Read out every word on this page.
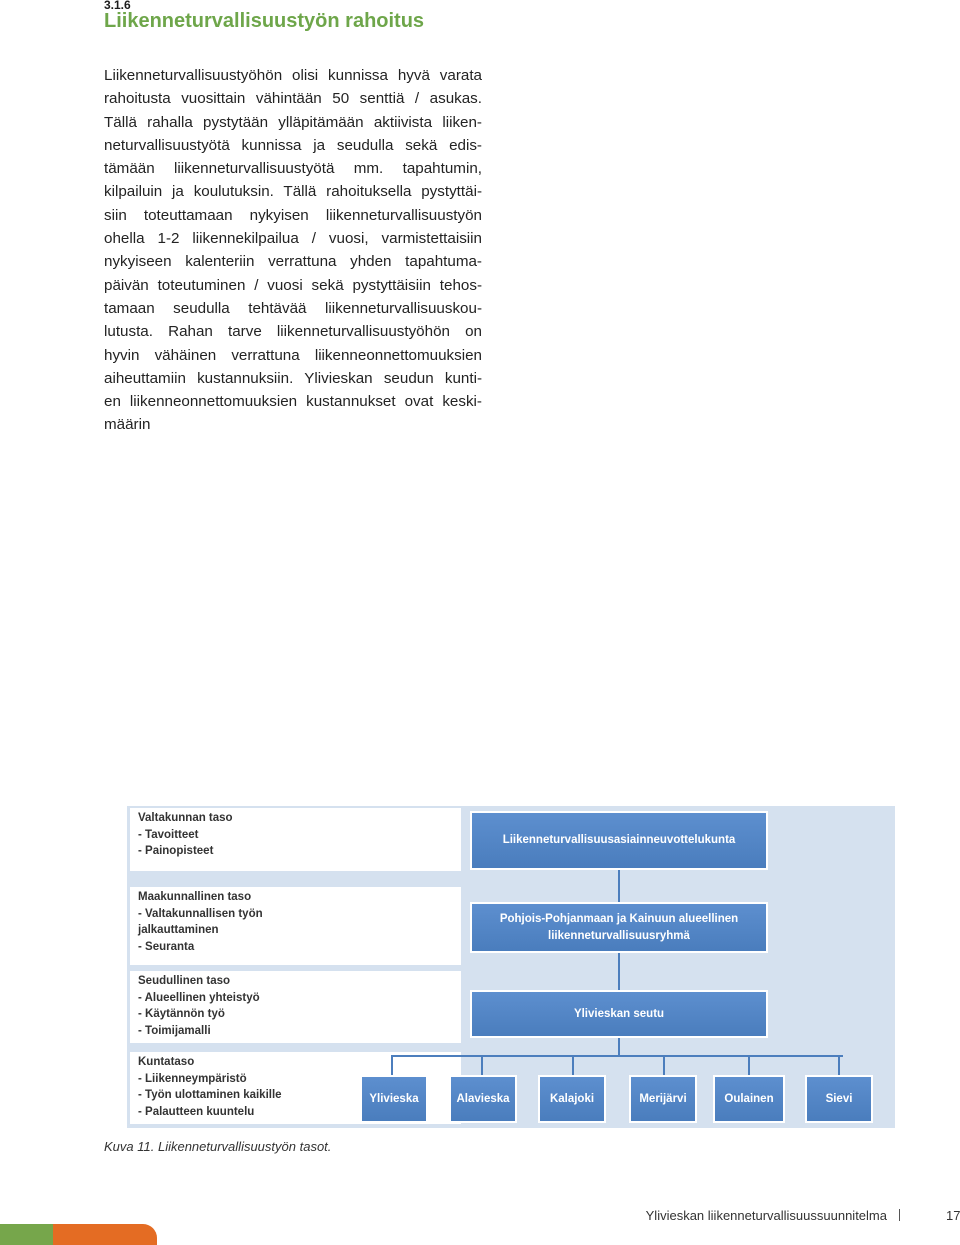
3.1.6
Liikenneturvallisuustyön rahoitus

Liikenneturvallisuustyöhön olisi kunnissa hyvä varata
rahoitusta vuosittain vähintään 50 senttiä / asukas.
Tällä rahalla pystytään ylläpitämään aktiivista liiken-
neturvallisuustyötä kunnissa ja seudulla sekä edis-
tämään liikenneturvallisuustyötä mm. tapahtumin,
kilpailuin ja koulutuksin. Tällä rahoituksella pystyttäi-
siin toteuttamaan nykyisen liikenneturvallisuustyön
ohella 1-2 liikennekilpailua / vuosi, varmistettaisiin
nykyiseen kalenteriin verrattuna yhden tapahtuma-
päivän toteutuminen / vuosi sekä pystyttäisiin tehos-
tamaan seudulla tehtävää liikenneturvallisuuskou-
lutusta. Rahan tarve liikenneturvallisuustyöhön on
hyvin vähäinen verrattuna liikenneonnettomuuksien
aiheuttamiin kustannuksiin. Ylivieskan seudun kunti-
en liikenneonnettomuuksien kustannukset ovat keski-
määrin

Valtakunnan taso
- Tavoitteet
- Painopisteet
Maakunnallinen taso
- Valtakunnallisen työn
jalkauttaminen
- Seuranta
Seudullinen taso
- Alueellinen yhteistyö
- Käytännön työ
- Toimijamalli
Kuntataso
- Liikenneympäristö
- Työn ulottaminen kaikille
- Palautteen kuuntelu
Liikenneturvallisuusasiainneuvottelukunta
Pohjois-Pohjanmaan ja Kainuun alueellinen
liikenneturvallisuusryhmä
Ylivieskan seutu
Ylivieska	Alavieska	Kalajoki	Merijärvi	Oulainen	Sievi
Kuva 11. Liikenneturvallisuustyön tasot.
Ylivieskan liikenneturvallisuussuunnitelma	17
